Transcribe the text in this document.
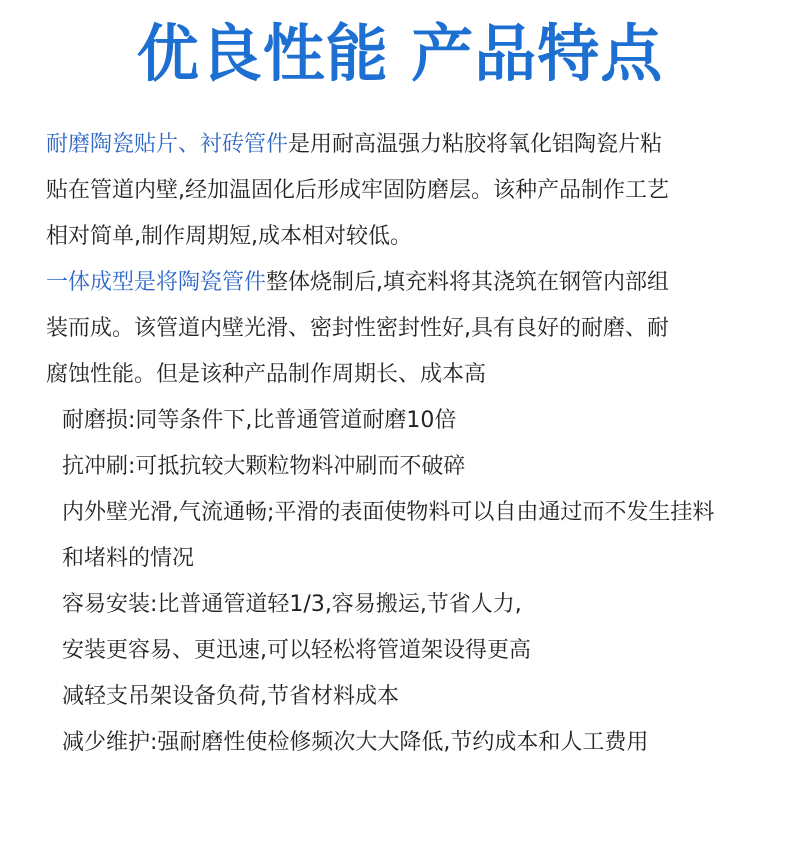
优良性能 产品特点
耐磨陶瓷贴片、衬砖管件是用耐高温强力粘胶将氧化铝陶瓷片粘
贴在管道内壁,经加温固化后形成牢固防磨层。该种产品制作工艺
相对简单,制作周期短,成本相对较低。
一体成型是将陶瓷管件整体烧制后,填充料将其浇筑在钢管内部组
装而成。该管道内壁光滑、密封性密封性好,具有良好的耐磨、耐
腐蚀性能。但是该种产品制作周期长、成本高
耐磨损:同等条件下,比普通管道耐磨10倍
抗冲刷:可抵抗较大颗粒物料冲刷而不破碎
内外壁光滑,气流通畅;平滑的表面使物料可以自由通过而不发生挂料
和堵料的情况
容易安装:比普通管道轻1/3,容易搬运,节省人力,
安装更容易、更迅速,可以轻松将管道架设得更高
减轻支吊架设备负荷,节省材料成本
减少维护:强耐磨性使检修频次大大降低,节约成本和人工费用
